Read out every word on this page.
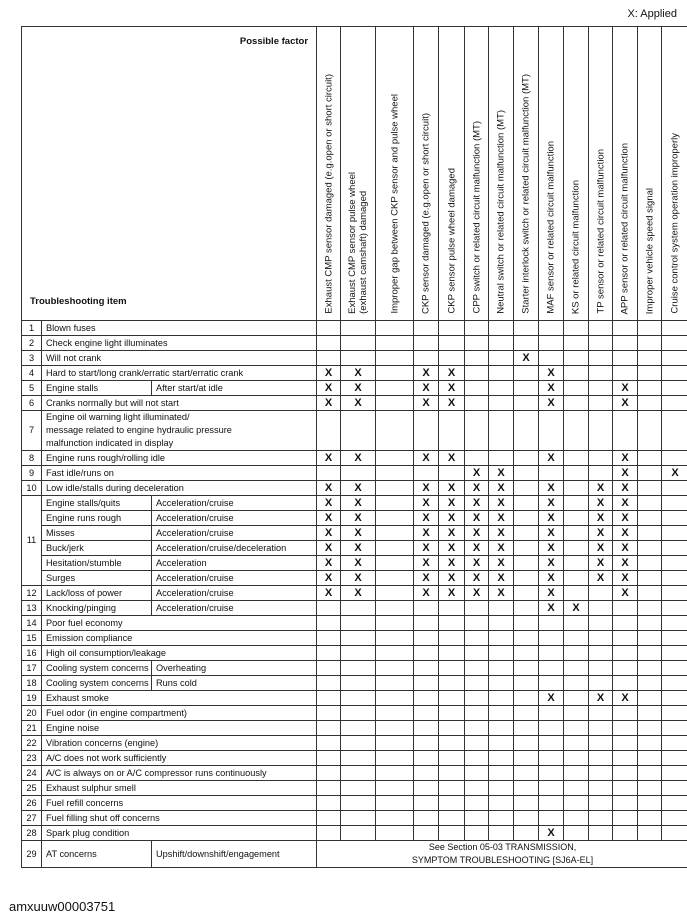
X: Applied
Possible factor
Troubleshooting item			Exhaust CMP sensor damaged (e.g.open or short circuit)	Exhaust CMP sensor pulse wheel
(exhaust camshaft) damaged	Improper gap between CKP sensor and pulse wheel	CKP sensor damaged (e.g.open or short circuit)	CKP sensor pulse wheel damaged	CPP switch or related circuit malfunction (MT)	Neutral switch or related circuit malfunction (MT)	Starter interlock switch or related circuit malfunction (MT)	MAF sensor or related circuit malfunction	KS or related circuit malfunction	TP sensor or related circuit malfunction	APP sensor or related circuit malfunction	Improper vehicle speed signal	Cruise control system operation improperly

1	Blown fuses															
2	Check engine light illuminates															
3	Will not crank									X						
4	Hard to start/long crank/erratic start/erratic crank		X	X		X	X				X					
5	Engine stalls	After start/at idle	X	X		X	X				X			X		
6	Cranks normally but will not start		X	X		X	X				X			X		
7	Engine oil warning light illuminated/
message related to engine hydraulic pressure
malfunction indicated in display															
8	Engine runs rough/rolling idle		X	X		X	X				X			X		
9	Fast idle/runs on							X	X					X		X
10	Low idle/stalls during deceleration		X	X		X	X	X	X		X		X	X		
11	Engine stalls/quits	Acceleration/cruise	X	X		X	X	X	X		X		X	X		
	Engine runs rough	Acceleration/cruise	X	X		X	X	X	X		X		X	X		
	Misses	Acceleration/cruise	X	X		X	X	X	X		X		X	X		
	Buck/jerk	Acceleration/cruise/deceleration	X	X		X	X	X	X		X		X	X		
	Hesitation/stumble	Acceleration	X	X		X	X	X	X		X		X	X		
	Surges	Acceleration/cruise	X	X		X	X	X	X		X		X	X		
12	Lack/loss of power	Acceleration/cruise	X	X		X	X	X	X		X			X		
13	Knocking/pinging	Acceleration/cruise									X	X				
14	Poor fuel economy															
15	Emission compliance															
16	High oil consumption/leakage															
17	Cooling system concerns	Overheating														
18	Cooling system concerns	Runs cold														
19	Exhaust smoke										X		X	X		
20	Fuel odor (in engine compartment)															
21	Engine noise															
22	Vibration concerns (engine)															
23	A/C does not work sufficiently															
24	A/C is always on or A/C compressor runs continuously															
25	Exhaust sulphur smell															
26	Fuel refill concerns															
27	Fuel filling shut off concerns															
28	Spark plug condition										X					
29	AT concerns	Upshift/downshift/engagement	See Section 05-03 TRANSMISSION,
SYMPTOM TROUBLESHOOTING [SJ6A-EL]													
amxuuw00003751
